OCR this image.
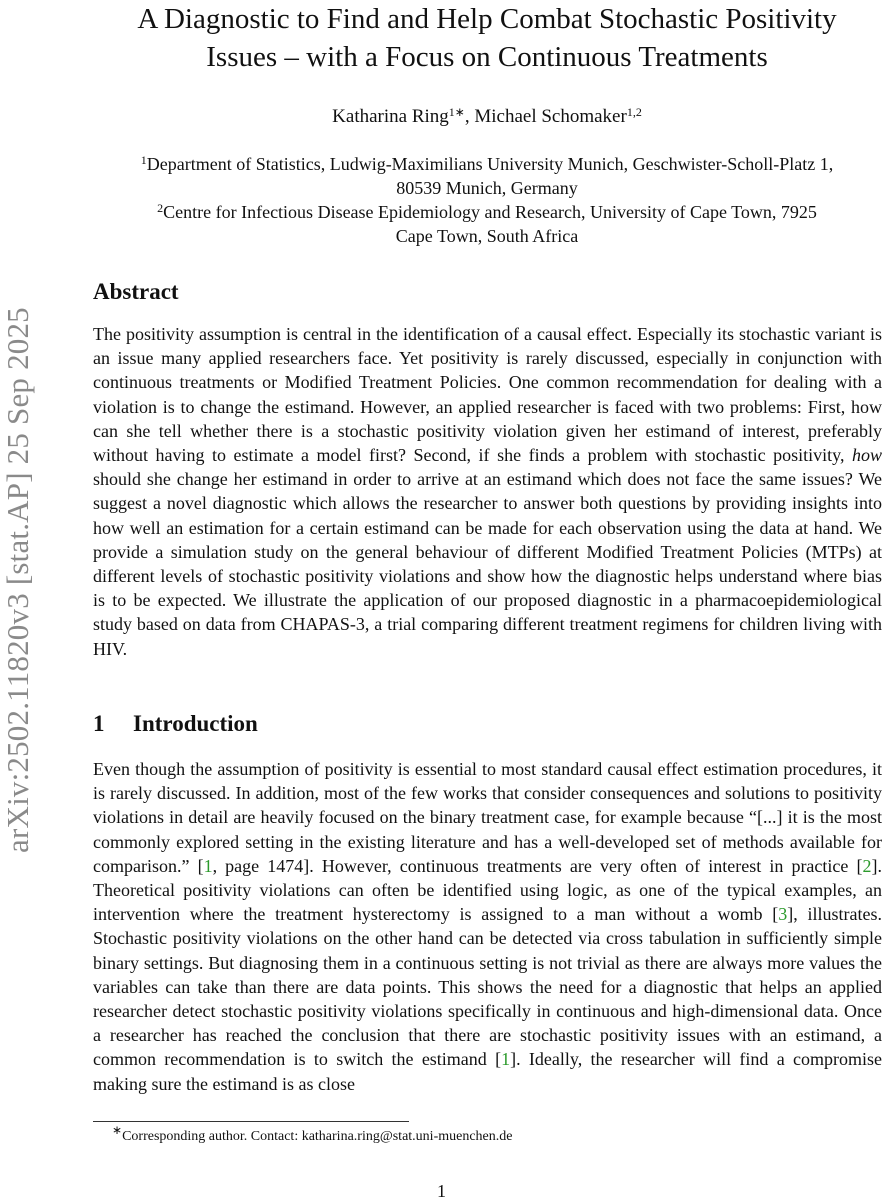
arXiv:2502.11820v3 [stat.AP] 25 Sep 2025
A Diagnostic to Find and Help Combat Stochastic Positivity
Issues – with a Focus on Continuous Treatments
Katharina Ring$^{1∗}$, Michael Schomaker$^{1,2}$
$^1$Department of Statistics, Ludwig-Maximilians University Munich, Geschwister-Scholl-Platz 1,
80539 Munich, Germany
$^2$Centre for Infectious Disease Epidemiology and Research, University of Cape Town, 7925
Cape Town, South Africa
Abstract
The positivity assumption is central in the identification of a causal effect. Especially its stochastic variant is an issue many applied researchers face. Yet positivity is rarely discussed, especially in conjunction with continuous treatments or Modified Treatment Policies. One common recommendation for dealing with a violation is to change the estimand. However, an applied researcher is faced with two problems: First, how can she tell whether there is a stochastic positivity violation given her estimand of interest, preferably without having to estimate a model first? Second, if she finds a problem with stochastic positivity, how should she change her estimand in order to arrive at an estimand which does not face the same issues? We suggest a novel diagnostic which allows the researcher to answer both questions by providing insights into how well an estimation for a certain estimand can be made for each observation using the data at hand. We provide a simulation study on the general behaviour of different Modified Treatment Policies (MTPs) at different levels of stochastic positivity violations and show how the diagnostic helps understand where bias is to be expected. We illustrate the application of our proposed diagnostic in a pharmacoepidemiological study based on data from CHAPAS-3, a trial comparing different treatment regimens for children living with HIV.
1 Introduction
Even though the assumption of positivity is essential to most standard causal effect estimation procedures, it is rarely discussed. In addition, most of the few works that consider consequences and solutions to positivity violations in detail are heavily focused on the binary treatment case, for example because “[...] it is the most commonly explored setting in the existing literature and has a well-developed set of methods available for comparison.” [1, page 1474]. However, continuous treatments are very often of interest in practice [2]. Theoretical positivity violations can often be identified using logic, as one of the typical examples, an intervention where the treatment hysterectomy is assigned to a man without a womb [3], illustrates. Stochastic positivity violations on the other hand can be detected via cross tabulation in sufficiently simple binary settings. But diagnosing them in a continuous setting is not trivial as there are always more values the variables can take than there are data points. This shows the need for a diagnostic that helps an applied researcher detect stochastic positivity violations specifically in continuous and high-dimensional data. Once a researcher has reached the conclusion that there are stochastic positivity issues with an estimand, a common recommendation is to switch the estimand [1]. Ideally, the researcher will find a compromise making sure the estimand is as close
∗Corresponding author. Contact: katharina.ring@stat.uni-muenchen.de
1
